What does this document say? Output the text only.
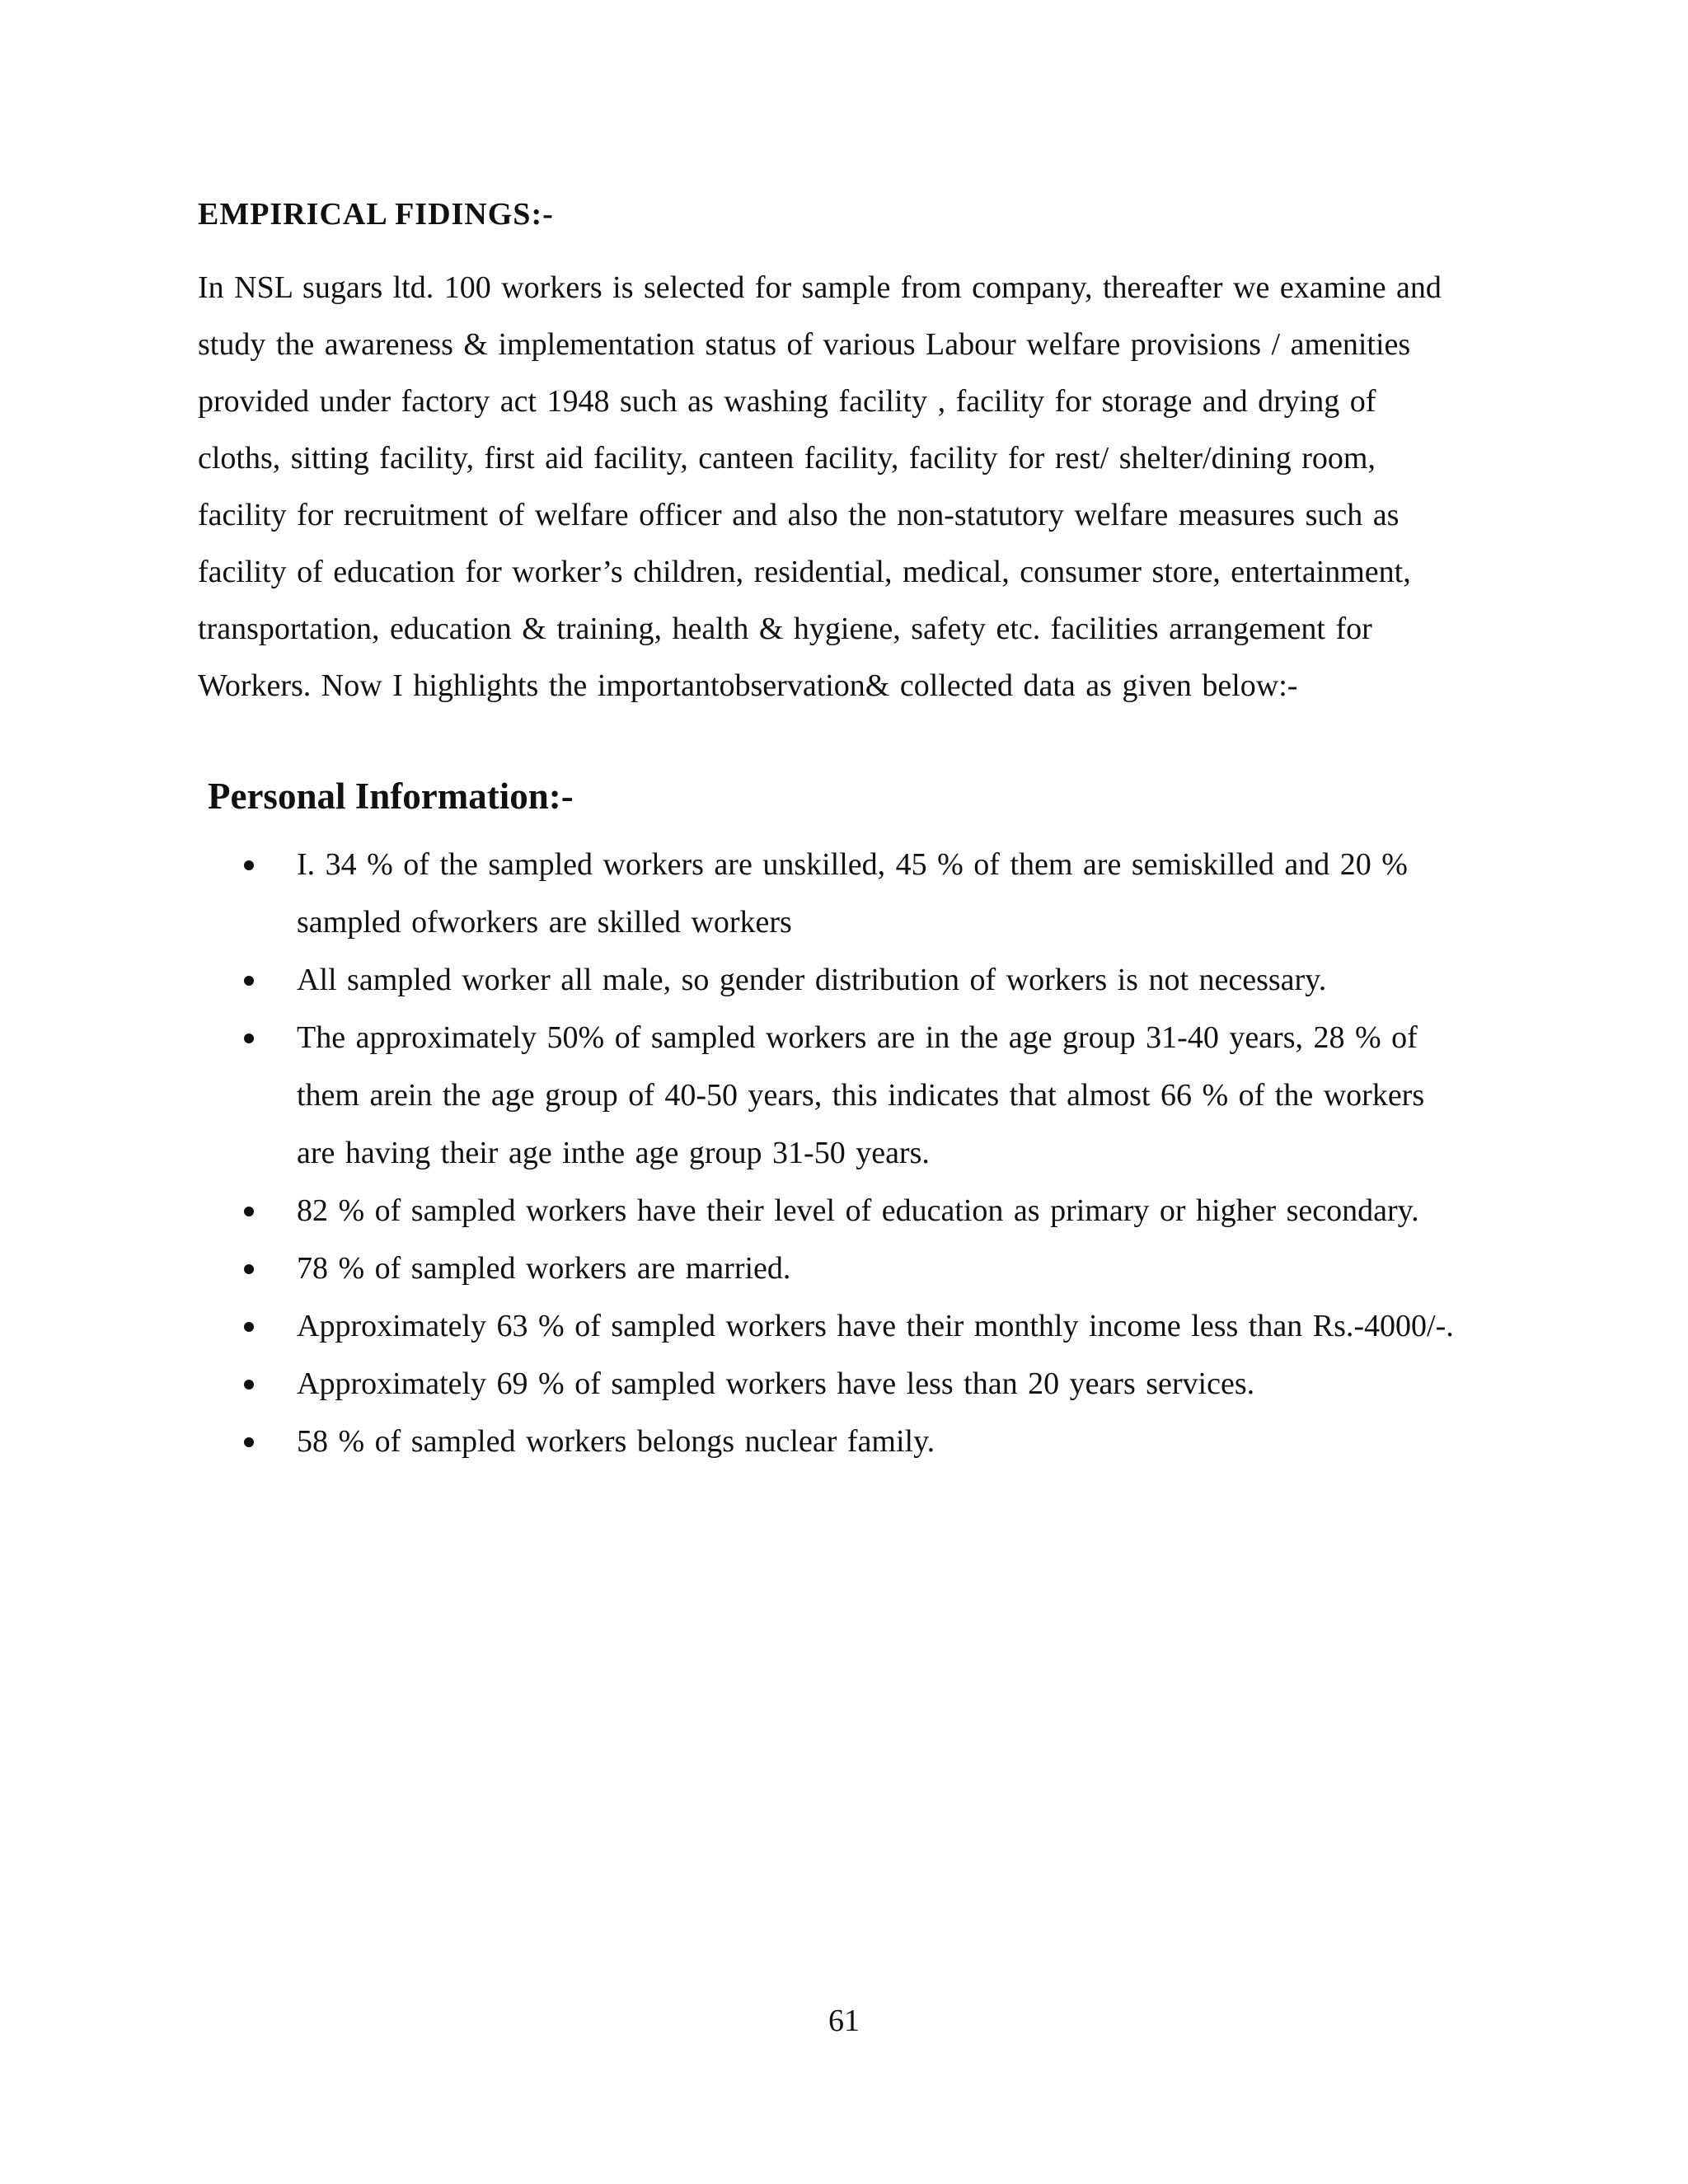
EMPIRICAL FIDINGS:-

In NSL sugars ltd. 100 workers is selected for sample from company, thereafter we examine and
study the awareness & implementation status of various Labour welfare provisions / amenities
provided under factory act 1948 such as washing facility , facility for storage and drying of
cloths, sitting facility, first aid facility, canteen facility, facility for rest/ shelter/dining room,
facility for recruitment of welfare officer and also the non-statutory welfare measures such as
facility of education for worker’s children, residential, medical, consumer store, entertainment,
transportation, education & training, health & hygiene, safety etc. facilities arrangement for
Workers. Now I highlights the importantobservation& collected data as given below:-

Personal Information:-
I. 34 % of the sampled workers are unskilled, 45 % of them are semiskilled and 20 %
sampled ofworkers are skilled workers
All sampled worker all male, so gender distribution of workers is not necessary.
The approximately 50% of sampled workers are in the age group 31-40 years, 28 % of
them arein the age group of 40-50 years, this indicates that almost 66 % of the workers
are having their age inthe age group 31-50 years.
82 % of sampled workers have their level of education as primary or higher secondary.
78 % of sampled workers are married.
Approximately 63 % of sampled workers have their monthly income less than Rs.-4000/-.
Approximately 69 % of sampled workers have less than 20 years services.
58 % of sampled workers belongs nuclear family.
61
